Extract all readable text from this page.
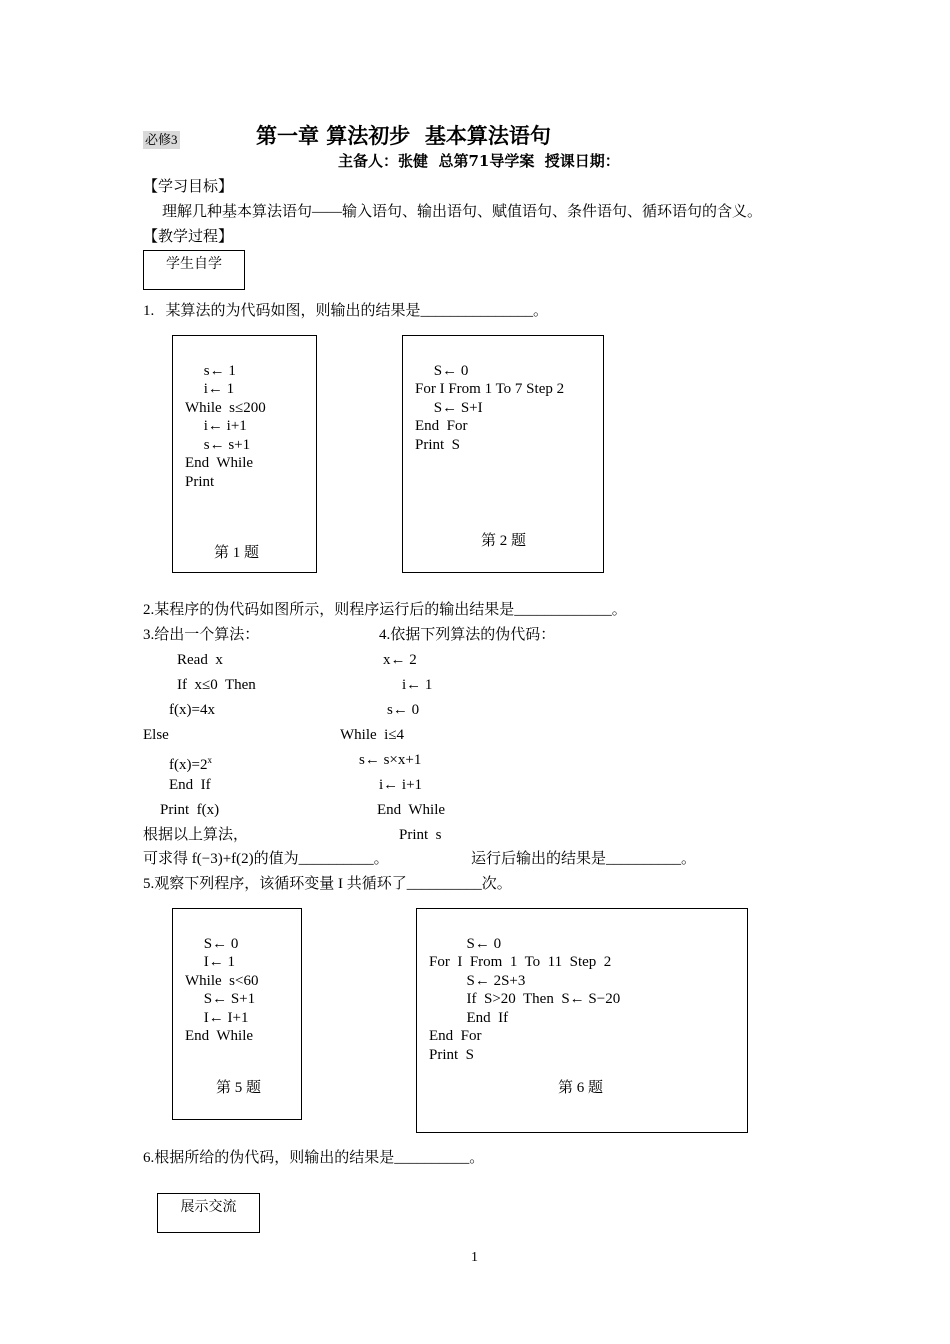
必修3	第一章 算法初步  基本算法语句
主备人：张健  总第71导学案  授课日期：
【学习目标】
理解几种基本算法语句——输入语句、输出语句、赋值语句、条件语句、循环语句的含义。
【教学过程】
学生自学
1.   某算法的为代码如图，则输出的结果是_______________。

s← 1
i← 1
While  s≤200
i← i+1
s← s+1
End  While
Print

第 1 题

S← 0
For I From 1 To 7 Step 2
S← S+I
End  For
Print  S

第 2 题
2.某程序的伪代码如图所示，则程序运行后的输出结果是_____________。
3.给出一个算法：
Read  x
If  x≤0  Then
f(x)=4x
Else
$f(x)=2^x$
End  If
Print  f(x)
根据以上算法，
可求得 f(−3)+f(2)的值为__________。
4.依据下列算法的伪代码：
x← 2
i← 1
s← 0
While  i≤4
s← s×x+1
i← i+1
End  While
Print  s
运行后输出的结果是__________。
5.观察下列程序，该循环变量 I 共循环了__________次。

S← 0
I← 1
While  s<60
S← S+1
I← I+1
End  While

第 5 题

S← 0
For  I  From  1  To  11  Step  2
S← 2S+3
If  S>20  Then  S← S−20
End  If
End  For
Print  S

第 6 题
6.根据所给的伪代码，则输出的结果是__________。
展示交流
1
